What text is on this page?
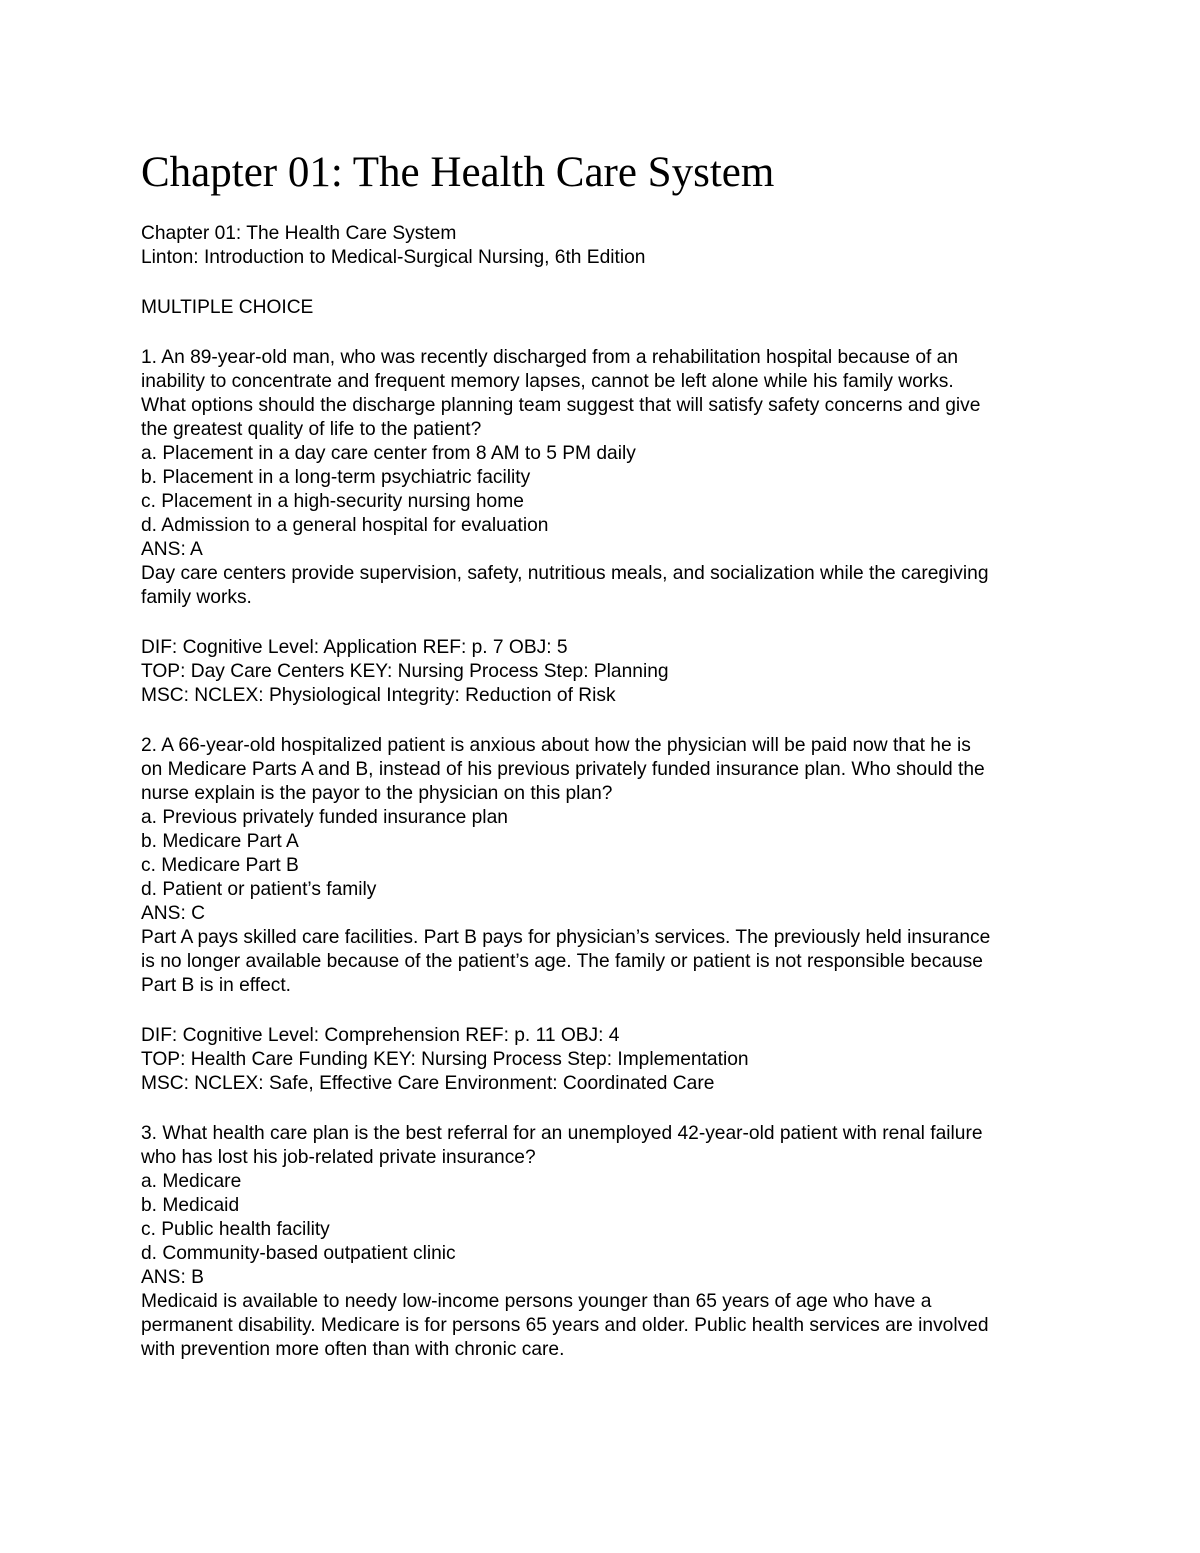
Chapter 01: The Health Care System
Chapter 01: The Health Care System
Linton: Introduction to Medical-Surgical Nursing, 6th Edition
MULTIPLE CHOICE
1. An 89-year-old man, who was recently discharged from a rehabilitation hospital because of an
inability to concentrate and frequent memory lapses, cannot be left alone while his family works.
What options should the discharge planning team suggest that will satisfy safety concerns and give
the greatest quality of life to the patient?
a. Placement in a day care center from 8 AM to 5 PM daily
b. Placement in a long-term psychiatric facility
c. Placement in a high-security nursing home
d. Admission to a general hospital for evaluation
ANS: A
Day care centers provide supervision, safety, nutritious meals, and socialization while the caregiving
family works.
DIF: Cognitive Level: Application REF: p. 7 OBJ: 5
TOP: Day Care Centers KEY: Nursing Process Step: Planning
MSC: NCLEX: Physiological Integrity: Reduction of Risk
2. A 66-year-old hospitalized patient is anxious about how the physician will be paid now that he is
on Medicare Parts A and B, instead of his previous privately funded insurance plan. Who should the
nurse explain is the payor to the physician on this plan?
a. Previous privately funded insurance plan
b. Medicare Part A
c. Medicare Part B
d. Patient or patient’s family
ANS: C
Part A pays skilled care facilities. Part B pays for physician’s services. The previously held insurance
is no longer available because of the patient’s age. The family or patient is not responsible because
Part B is in effect.
DIF: Cognitive Level: Comprehension REF: p. 11 OBJ: 4
TOP: Health Care Funding KEY: Nursing Process Step: Implementation
MSC: NCLEX: Safe, Effective Care Environment: Coordinated Care
3. What health care plan is the best referral for an unemployed 42-year-old patient with renal failure
who has lost his job-related private insurance?
a. Medicare
b. Medicaid
c. Public health facility
d. Community-based outpatient clinic
ANS: B
Medicaid is available to needy low-income persons younger than 65 years of age who have a
permanent disability. Medicare is for persons 65 years and older. Public health services are involved
with prevention more often than with chronic care.
